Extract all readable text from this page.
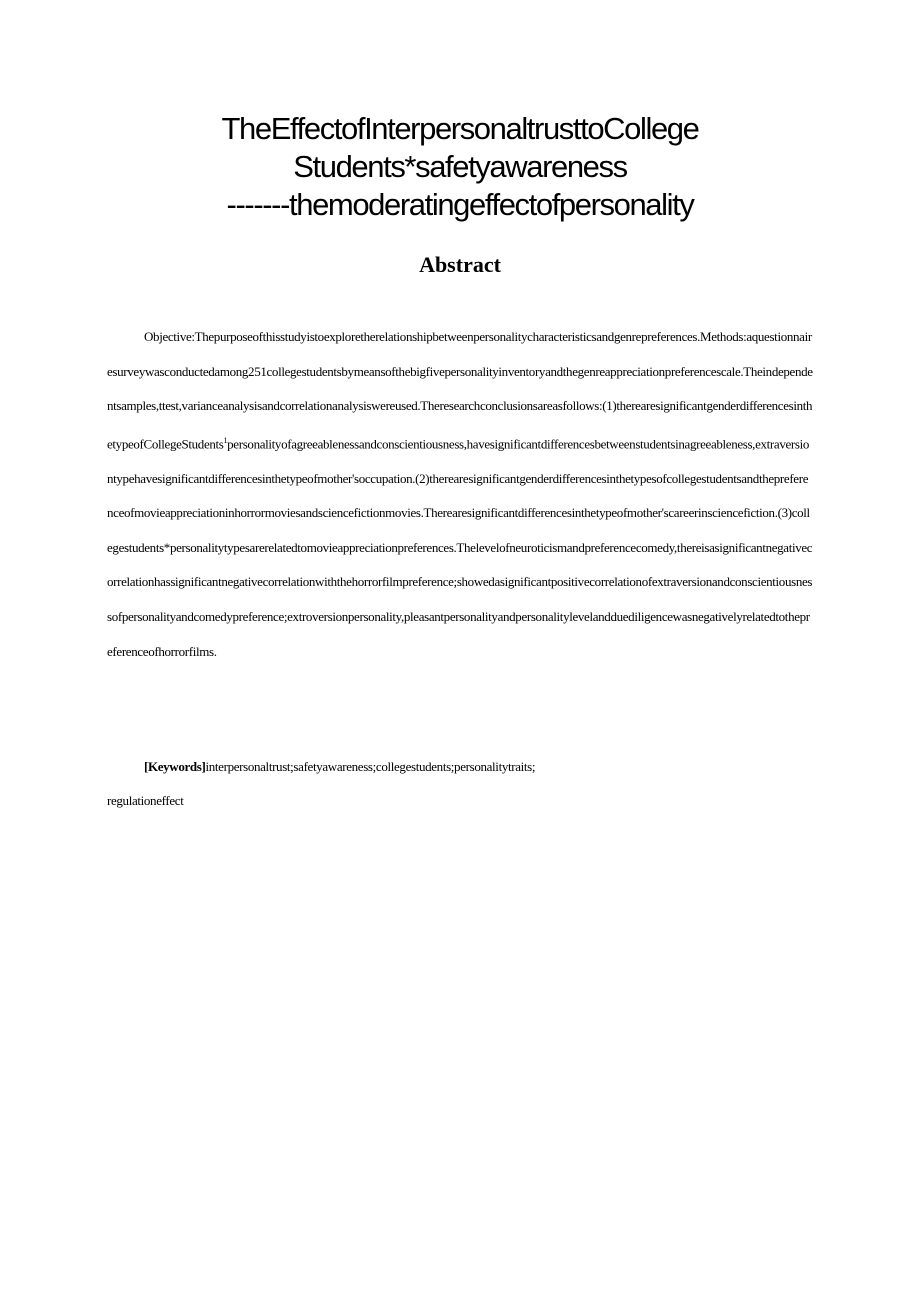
TheEffectofInterpersonaltrusttoCollege
Students*safetyawareness
-------themoderatingeffectofpersonality
Abstract

Objective:Thepurposeofthisstudyistoexploretherelationshipbetweenpersonalitycharacteristicsandgenrepreferences.Methods:aquestionnairesurveywasconductedamong251collegestudentsbymeansofthebigfivepersonalityinventoryandthegenreappreciationpreferencescale.Theindependentsamples,ttest,varianceanalysisandcorrelationanalysiswereused.Theresearchconclusionsareasfollows:(1)therearesignificantgenderdifferencesinthetypeofCollegeStudents$^1$personalityofagreeablenessandconscientiousness,havesignificantdifferencesbetweenstudentsinagreeableness,extraversiontypehavesignificantdifferencesinthetypeofmother'soccupation.(2)therearesignificantgenderdifferencesinthetypesofcollegestudentsandthepreferenceofmovieappreciationinhorrormoviesandsciencefictionmovies.Therearesignificantdifferencesinthetypeofmother'scareerinsciencefiction.(3)collegestudents*personalitytypesarerelatedtomovieappreciationpreferences.Thelevelofneuroticismandpreferencecomedy,thereisasignificantnegativecorrelationhassignificantnegativecorrelationwiththehorrorfilmpreference;showedasignificantpositivecorrelationofextraversionandconscientiousnessofpersonalityandcomedypreference;extroversionpersonality,pleasantpersonalityandpersonalitylevelandduediligencewasnegativelyrelatedtothepreferenceofhorrorfilms.

[Keywords]interpersonaltrust;safetyawareness;collegestudents;personalitytraits;
regulationeffect
